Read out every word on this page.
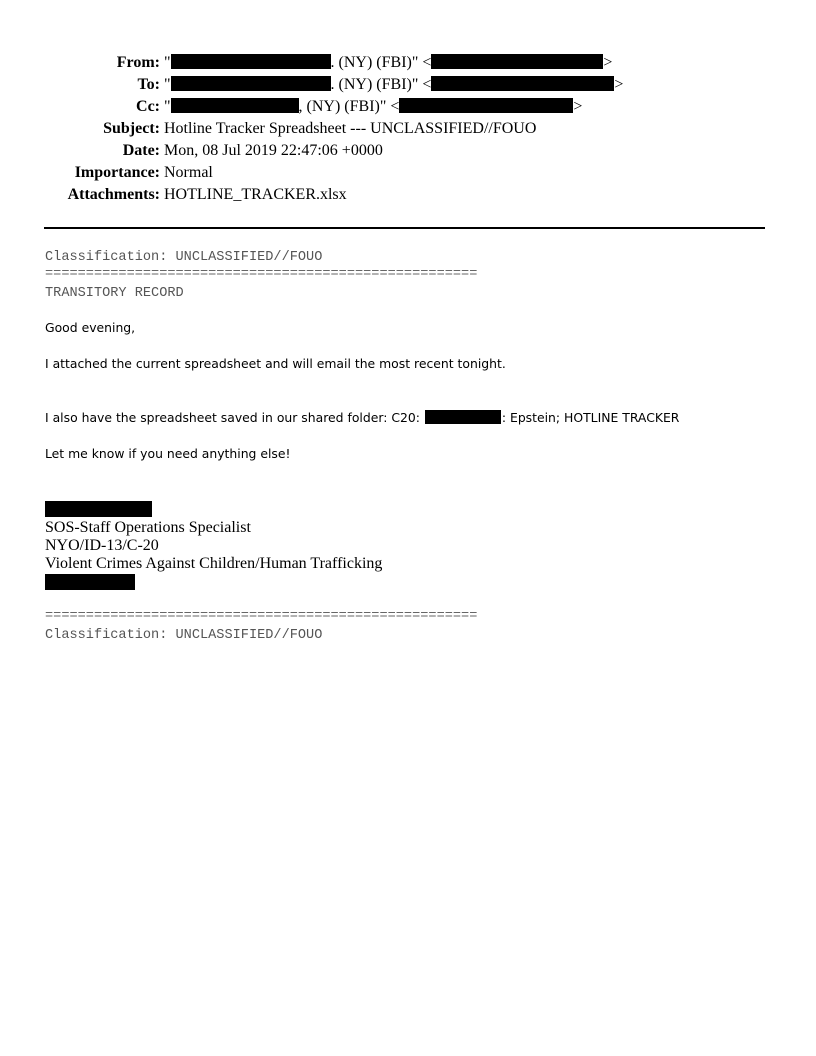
From: "	. (NY) (FBI)" <	>
To: "	. (NY) (FBI)" <	>
Cc: "	, (NY) (FBI)" <	>
Subject: Hotline Tracker Spreadsheet --- UNCLASSIFIED//FOUO
Date: Mon, 08 Jul 2019 22:47:06 +0000
Importance: Normal
Attachments: HOTLINE_TRACKER.xlsx
Classification: UNCLASSIFIED//FOUO
=====================================================
TRANSITORY RECORD
Good evening,
I attached the current spreadsheet and will email the most recent tonight.
I also have the spreadsheet saved in our shared folder: C20:	: Epstein; HOTLINE TRACKER
Let me know if you need anything else!
SOS-Staff Operations Specialist
NYO/ID-13/C-20
Violent Crimes Against Children/Human Trafficking
=====================================================
Classification: UNCLASSIFIED//FOUO
